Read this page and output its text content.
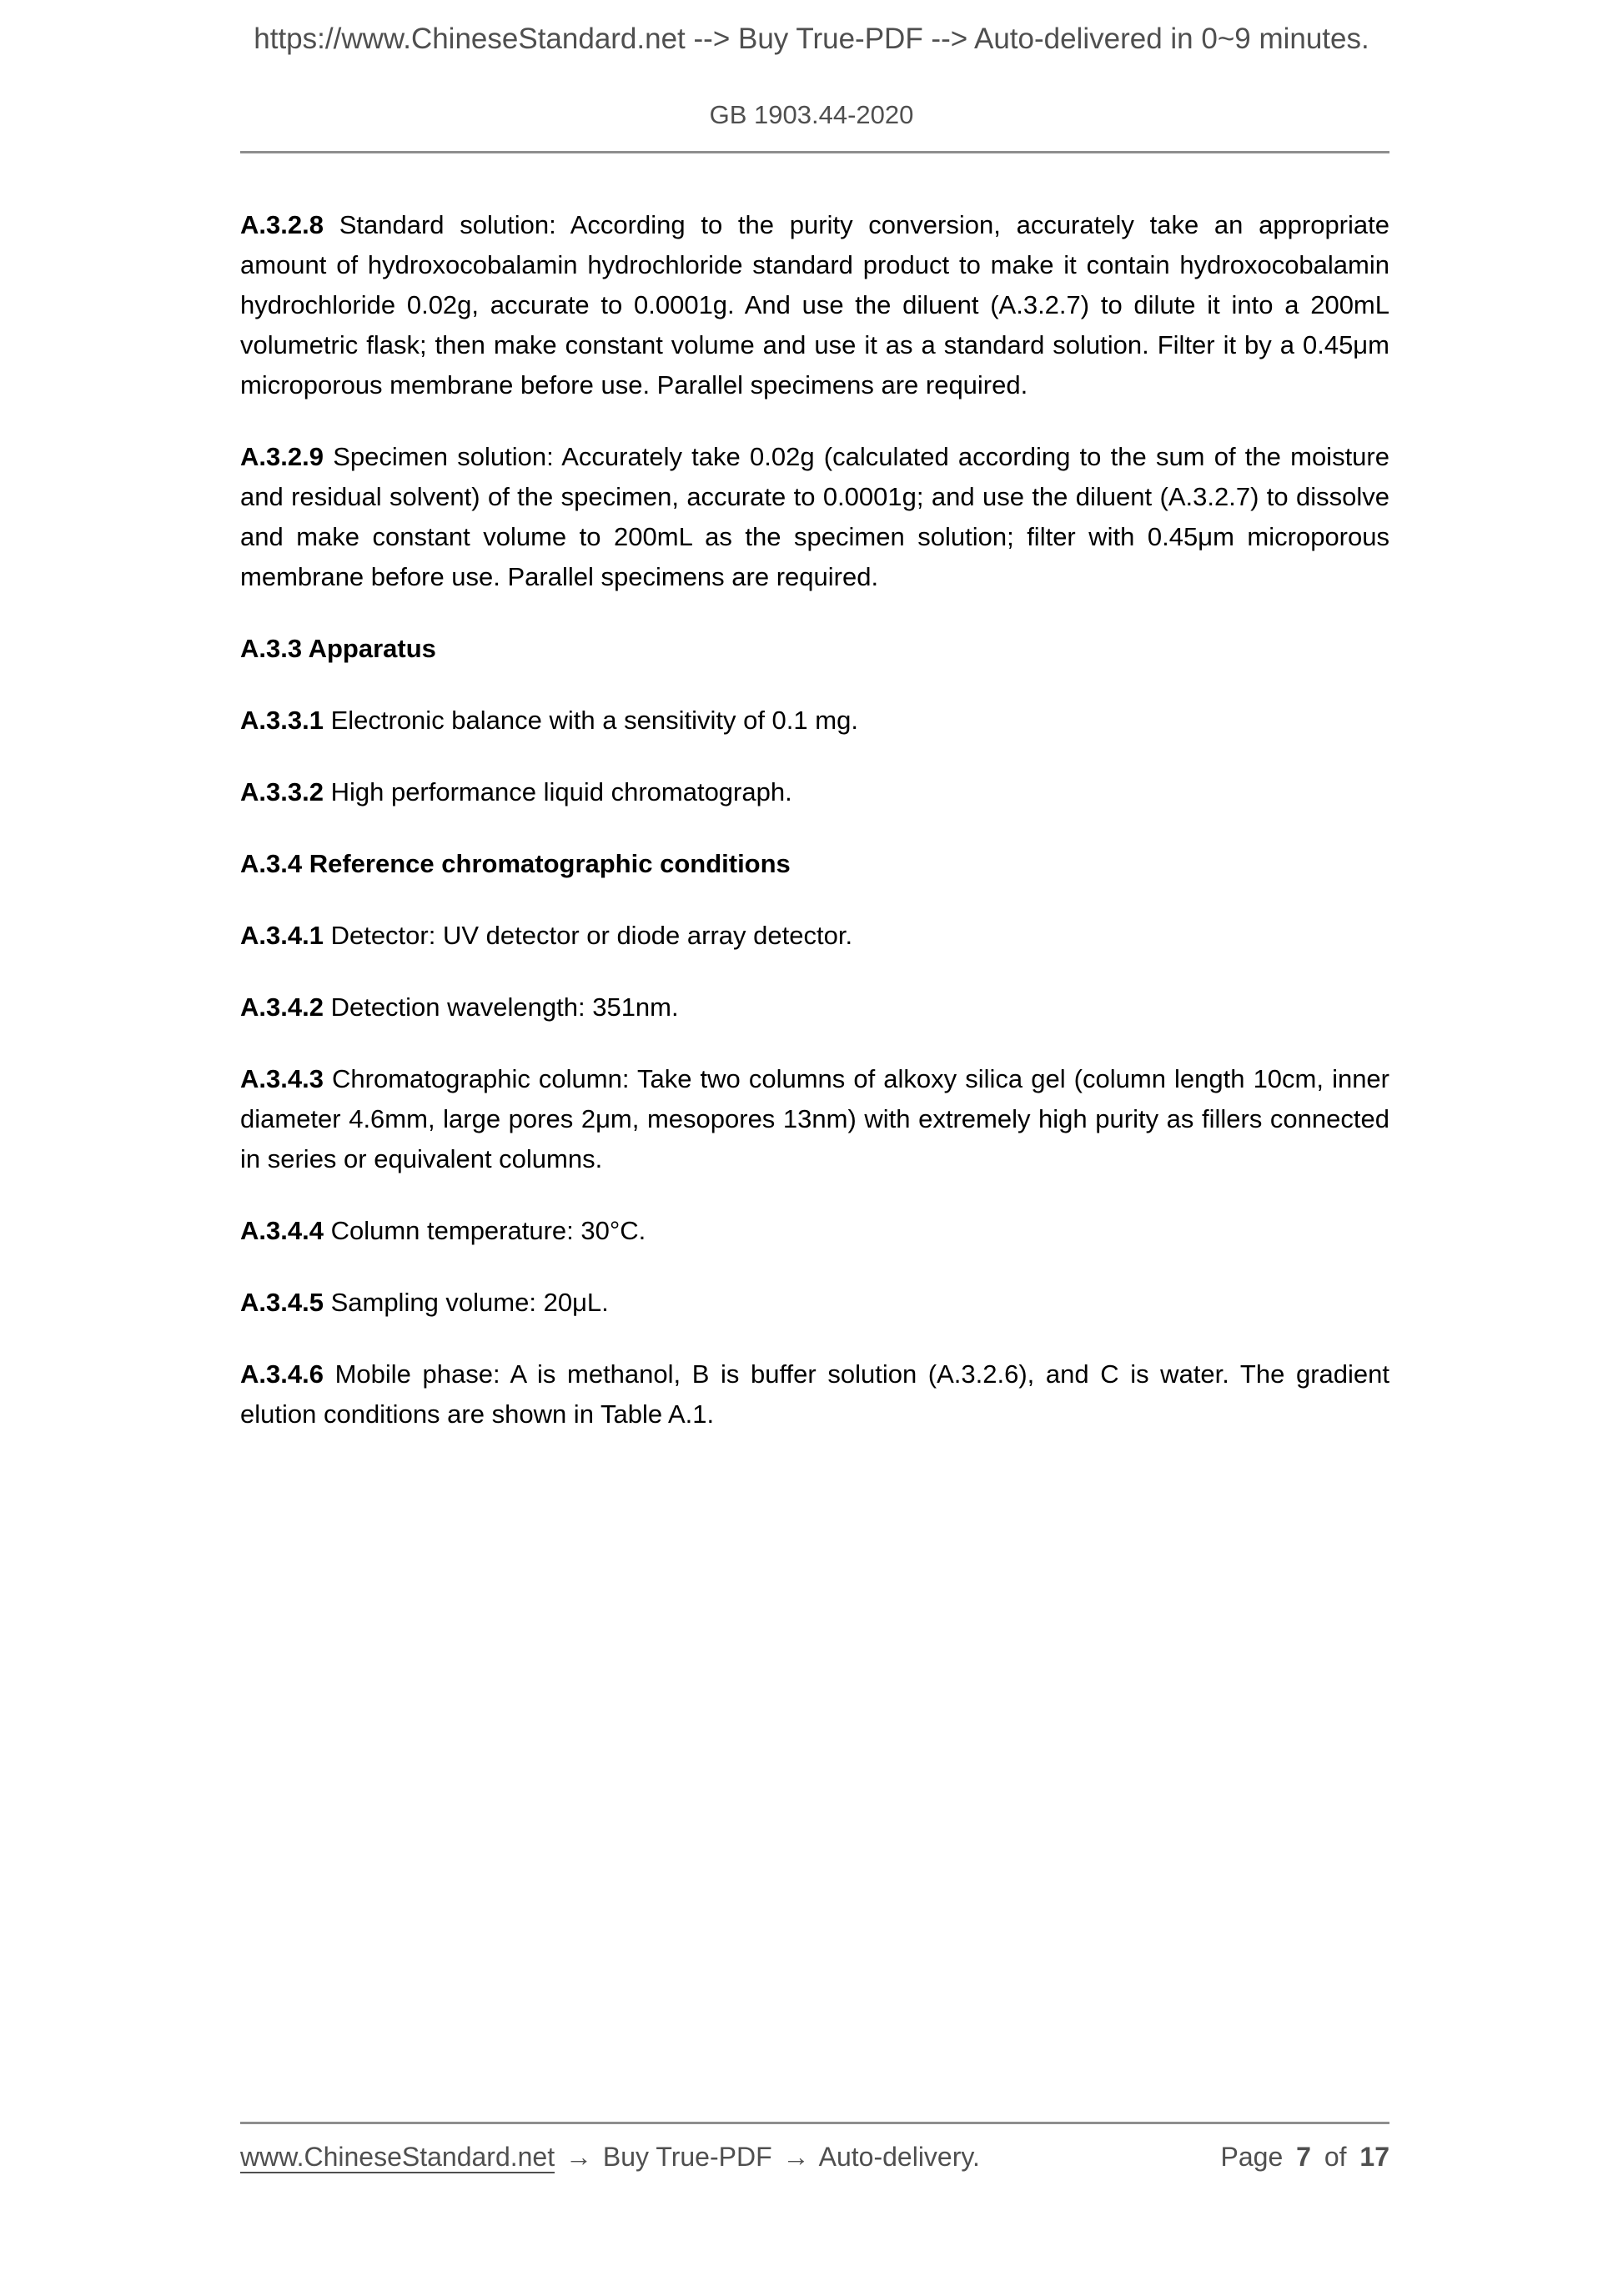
https://www.ChineseStandard.net --> Buy True-PDF --> Auto-delivered in 0~9 minutes.
GB 1903.44-2020

A.3.2.8 Standard solution: According to the purity conversion, accurately take an appropriate amount of hydroxocobalamin hydrochloride standard product to make it contain hydroxocobalamin hydrochloride 0.02g, accurate to 0.0001g. And use the diluent (A.3.2.7) to dilute it into a 200mL volumetric flask; then make constant volume and use it as a standard solution. Filter it by a 0.45μm microporous membrane before use. Parallel specimens are required.

A.3.2.9 Specimen solution: Accurately take 0.02g (calculated according to the sum of the moisture and residual solvent) of the specimen, accurate to 0.0001g; and use the diluent (A.3.2.7) to dissolve and make constant volume to 200mL as the specimen solution; filter with 0.45μm microporous membrane before use. Parallel specimens are required.

A.3.3 Apparatus

A.3.3.1 Electronic balance with a sensitivity of 0.1 mg.

A.3.3.2 High performance liquid chromatograph.

A.3.4 Reference chromatographic conditions

A.3.4.1 Detector: UV detector or diode array detector.

A.3.4.2 Detection wavelength: 351nm.

A.3.4.3 Chromatographic column: Take two columns of alkoxy silica gel (column length 10cm, inner diameter 4.6mm, large pores 2μm, mesopores 13nm) with extremely high purity as fillers connected in series or equivalent columns.

A.3.4.4 Column temperature: 30°C.

A.3.4.5 Sampling volume: 20μL.

A.3.4.6 Mobile phase: A is methanol, B is buffer solution (A.3.2.6), and C is water. The gradient elution conditions are shown in Table A.1.

www.ChineseStandard.net → Buy True-PDF → Auto-delivery.	Page 7 of 17
